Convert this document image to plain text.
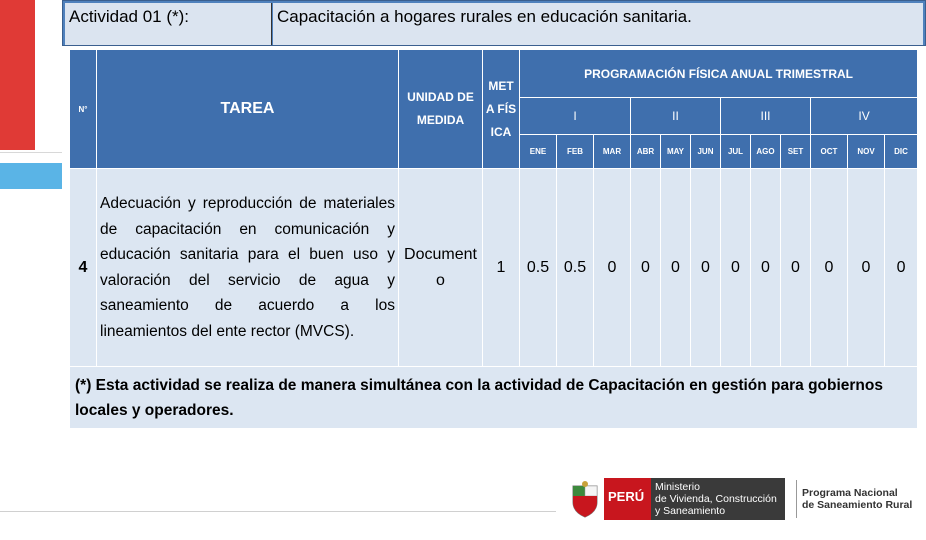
Actividad 01 (*):	Capacitación a hogares rurales en educación sanitaria.
N°	TAREA	UNIDAD DE MEDIDA	META FÍSICA	PROGRAMACIÓN FÍSICA ANUAL TRIMESTRAL											
				I			II			III			IV		
				ENE	FEB	MAR	ABR	MAY	JUN	JUL	AGO	SET	OCT	NOV	DIC
4	Adecuación y reproducción de materiales de capacitación en comunicación y educación sanitaria para el buen uso y valoración del servicio de agua y saneamiento de acuerdo a los lineamientos del ente rector (MVCS).	Documento	1	0.5	0.5	0	0	0	0	0	0	0	0	0	0
(*) Esta actividad se realiza de manera simultánea con la actividad de Capacitación en gestión para gobiernos locales y operadores.															
PERÚ
Ministerio
de Vivienda, Construcción
y Saneamiento
Programa Nacional
de Saneamiento Rural
